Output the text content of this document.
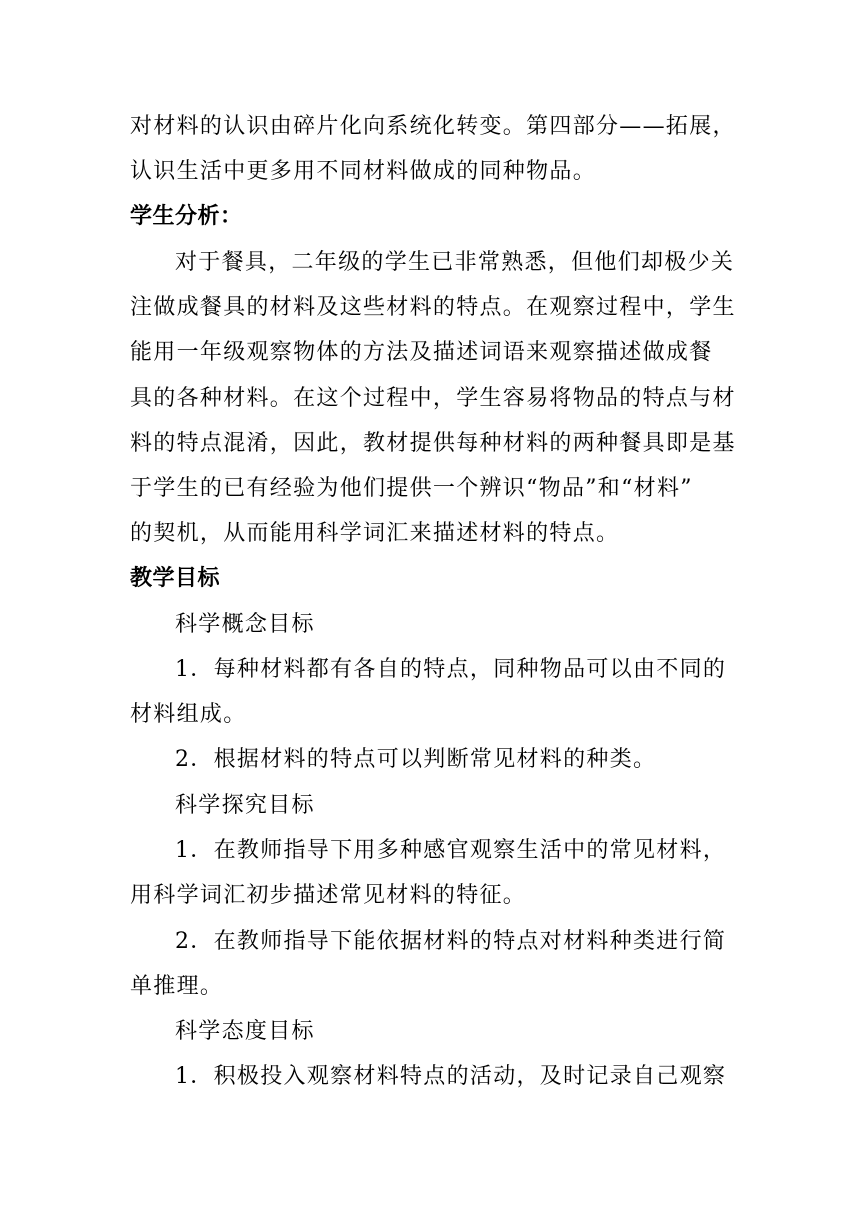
对材料的认识由碎片化向系统化转变。第四部分——拓展，
认识生活中更多用不同材料做成的同种物品。
学生分析：
对于餐具，二年级的学生已非常熟悉，但他们却极少关
注做成餐具的材料及这些材料的特点。在观察过程中，学生
能用一年级观察物体的方法及描述词语来观察描述做成餐
具的各种材料。在这个过程中，学生容易将物品的特点与材
料的特点混淆，因此，教材提供每种材料的两种餐具即是基
于学生的已有经验为他们提供一个辨识“物品”和“材料”
的契机，从而能用科学词汇来描述材料的特点。
教学目标
科学概念目标
1．每种材料都有各自的特点，同种物品可以由不同的
材料组成。
2．根据材料的特点可以判断常见材料的种类。
科学探究目标
1．在教师指导下用多种感官观察生活中的常见材料，
用科学词汇初步描述常见材料的特征。
2．在教师指导下能依据材料的特点对材料种类进行简
单推理。
科学态度目标
1．积极投入观察材料特点的活动，及时记录自己观察
